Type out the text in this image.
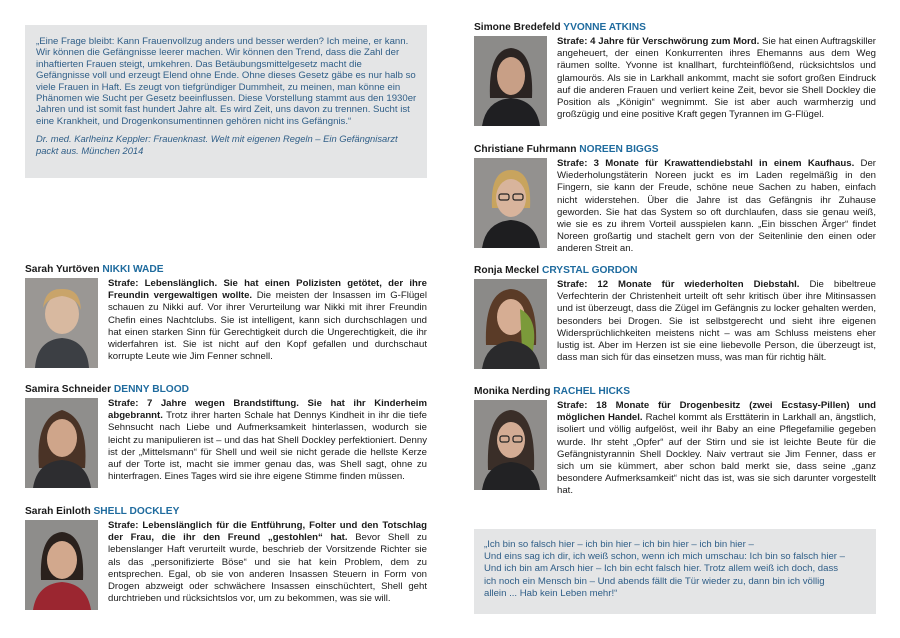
„Eine Frage bleibt: Kann Frauenvollzug anders und besser werden? Ich meine, er kann. Wir können die Gefängnisse leerer machen. Wir können den Trend, dass die Zahl der inhaftierten Frauen steigt, umkehren. Das Betäubungsmittelgesetz macht die Gefängnisse voll und erzeugt Elend ohne Ende. Ohne dieses Gesetz gäbe es nur halb so viele Frauen in Haft. Es zeugt von tiefgründiger Dummheit, zu meinen, man könne ein Phänomen wie Sucht per Gesetz beeinflussen. Diese Vorstellung stammt aus den 1930er Jahren und ist somit fast hundert Jahre alt. Es wird Zeit, uns davon zu trennen. Sucht ist eine Krankheit, und Drogenkonsumentinnen gehören nicht ins Gefängnis.“
Dr. med. Karlheinz Keppler: Frauenknast. Welt mit eigenen Regeln – Ein Gefängnisarzt packt aus. München 2014
Sarah Yurtöven NIKKI WADE
Strafe: Lebenslänglich. Sie hat einen Polizisten getötet, der ihre Freundin vergewaltigen wollte. Die meisten der Insassen im G-Flügel schauen zu Nikki auf. Vor ihrer Verurteilung war Nikki mit ihrer Freundin Chefin eines Nachtclubs. Sie ist intelligent, kann sich durchschlagen und hat einen starken Sinn für Gerechtigkeit durch die Ungerechtigkeit, die ihr widerfahren ist. Sie ist nicht auf den Kopf gefallen und durchschaut korrupte Leute wie Jim Fenner schnell.
Samira Schneider DENNY BLOOD
Strafe: 7 Jahre wegen Brandstiftung. Sie hat ihr Kinderheim abgebrannt. Trotz ihrer harten Schale hat Dennys Kindheit in ihr die tiefe Sehnsucht nach Liebe und Aufmerksamkeit hinterlassen, wodurch sie leicht zu manipulieren ist – und das hat Shell Dockley perfektioniert. Denny ist der „Mittelsmann“ für Shell und weil sie nicht gerade die hellste Kerze auf der Torte ist, macht sie immer genau das, was Shell sagt, ohne zu hinterfragen. Eines Tages wird sie ihre eigene Stimme finden müssen.
Sarah Einloth SHELL DOCKLEY
Strafe: Lebenslänglich für die Entführung, Folter und den Totschlag der Frau, die ihr den Freund „gestohlen“ hat. Bevor Shell zu lebenslanger Haft verurteilt wurde, beschrieb der Vorsitzende Richter sie als das „personifizierte Böse“ und sie hat kein Problem, dem zu entsprechen. Egal, ob sie von anderen Insassen Steuern in Form von Drogen abzweigt oder schwächere Insassen einschüchtert, Shell geht durchtrieben und rücksichtslos vor, um zu bekommen, was sie will.
Simone Bredefeld YVONNE ATKINS
Strafe: 4 Jahre für Verschwörung zum Mord. Sie hat einen Auftragskiller angeheuert, der einen Konkurrenten ihres Ehemanns aus dem Weg räumen sollte. Yvonne ist knallhart, furchteinflößend, rücksichtslos und glamourös. Als sie in Larkhall ankommt, macht sie sofort großen Eindruck auf die anderen Frauen und verliert keine Zeit, bevor sie Shell Dockley die Position als „Königin“ wegnimmt. Sie ist aber auch warmherzig und großzügig und eine positive Kraft gegen Tyrannen im G-Flügel.
Christiane Fuhrmann NOREEN BIGGS
Strafe: 3 Monate für Krawattendiebstahl in einem Kaufhaus. Der Wiederholungstäterin Noreen juckt es im Laden regelmäßig in den Fingern, sie kann der Freude, schöne neue Sachen zu haben, einfach nicht widerstehen. Über die Jahre ist das Gefängnis ihr Zuhause geworden. Sie hat das System so oft durchlaufen, dass sie genau weiß, wie sie es zu ihrem Vorteil ausspielen kann. „Ein bisschen Ärger“ findet Noreen großartig und stachelt gern von der Seitenlinie den einen oder anderen Streit an.
Ronja Meckel CRYSTAL GORDON
Strafe: 12 Monate für wiederholten Diebstahl. Die bibeltreue Verfechterin der Christenheit urteilt oft sehr kritisch über ihre Mitinsassen und ist überzeugt, dass die Zügel im Gefängnis zu locker gehalten werden, besonders bei Drogen. Sie ist selbstgerecht und sieht ihre eigenen Widersprüchlichkeiten meistens nicht – was am Schluss meistens eher lustig ist. Aber im Herzen ist sie eine liebevolle Person, die überzeugt ist, dass man sich für das einsetzen muss, was man für richtig hält.
Monika Nerding RACHEL HICKS
Strafe: 18 Monate für Drogenbesitz (zwei Ecstasy-Pillen) und möglichen Handel. Rachel kommt als Ersttäterin in Larkhall an, ängstlich, isoliert und völlig aufgelöst, weil ihr Baby an eine Pflegefamilie gegeben wurde. Ihr steht „Opfer“ auf der Stirn und sie ist leichte Beute für die Gefängnistyrannin Shell Dockley. Naiv vertraut sie Jim Fenner, dass er sich um sie kümmert, aber schon bald merkt sie, dass seine „ganz besondere Aufmerksamkeit“ nicht das ist, was sie sich darunter vorgestellt hat.
„Ich bin so falsch hier – ich bin hier – ich bin hier – ich bin hier –
Und eins sag ich dir, ich weiß schon, wenn ich mich umschau: Ich bin so falsch hier –
Und ich bin am Arsch hier – Ich bin echt falsch hier. Trotz allem weiß ich doch, dass
ich noch ein Mensch bin – Und abends fällt die Tür wieder zu, dann bin ich völlig
allein ... Hab kein Leben mehr!“
